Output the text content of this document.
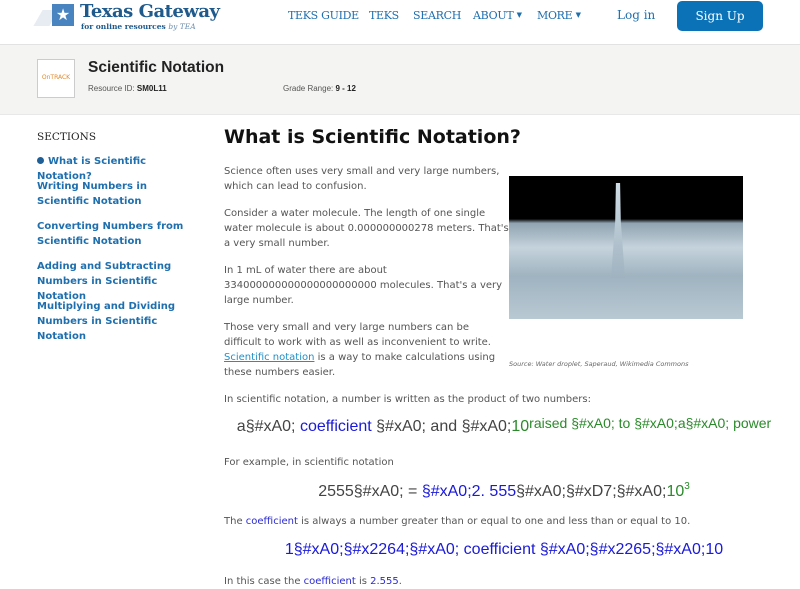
★ Texas Gateway
for online resources by TEA
TEKS GUIDE TEKS SEARCH ABOUT ▼ MORE ▼	Log in	Sign Up
OnTRACK
Scientific Notation
Resource ID: SM0L11	Grade Range: 9 - 12
SECTIONS
What is Scientific Notation?
Writing Numbers in Scientific Notation
Converting Numbers from Scientific Notation
Adding and Subtracting Numbers in Scientific Notation
Multiplying and Dividing Numbers in Scientific Notation
What is Scientific Notation?
Science often uses very small and very large numbers, which can lead to confusion.
Consider a water molecule. The length of one single water molecule is about 0.000000000278 meters. That's a very small number.
In 1 mL of water there are about 334000000000000000000000 molecules. That's a very large number.
Those very small and very large numbers can be difficult to work with as well as inconvenient to write. Scientific notation is a way to make calculations using these numbers easier.
Source: Water droplet, Saperaud, Wikimedia Commons
In scientific notation, a number is written as the product of two numbers:
a§#xA0; coefficient §#xA0; and §#xA0;10raised §#xA0; to §#xA0;a§#xA0; power
For example, in scientific notation
2555§#xA0; = §#xA0;2. $555\S\#xA0;\S\#xD7;\S\#xA0;10^3$
The coefficient is always a number greater than or equal to one and less than or equal to 10.
1§#xA0;§#x2264;§#xA0; coefficient §#xA0;§#x2265;§#xA0;10
In this case the coefficient is 2.555.
